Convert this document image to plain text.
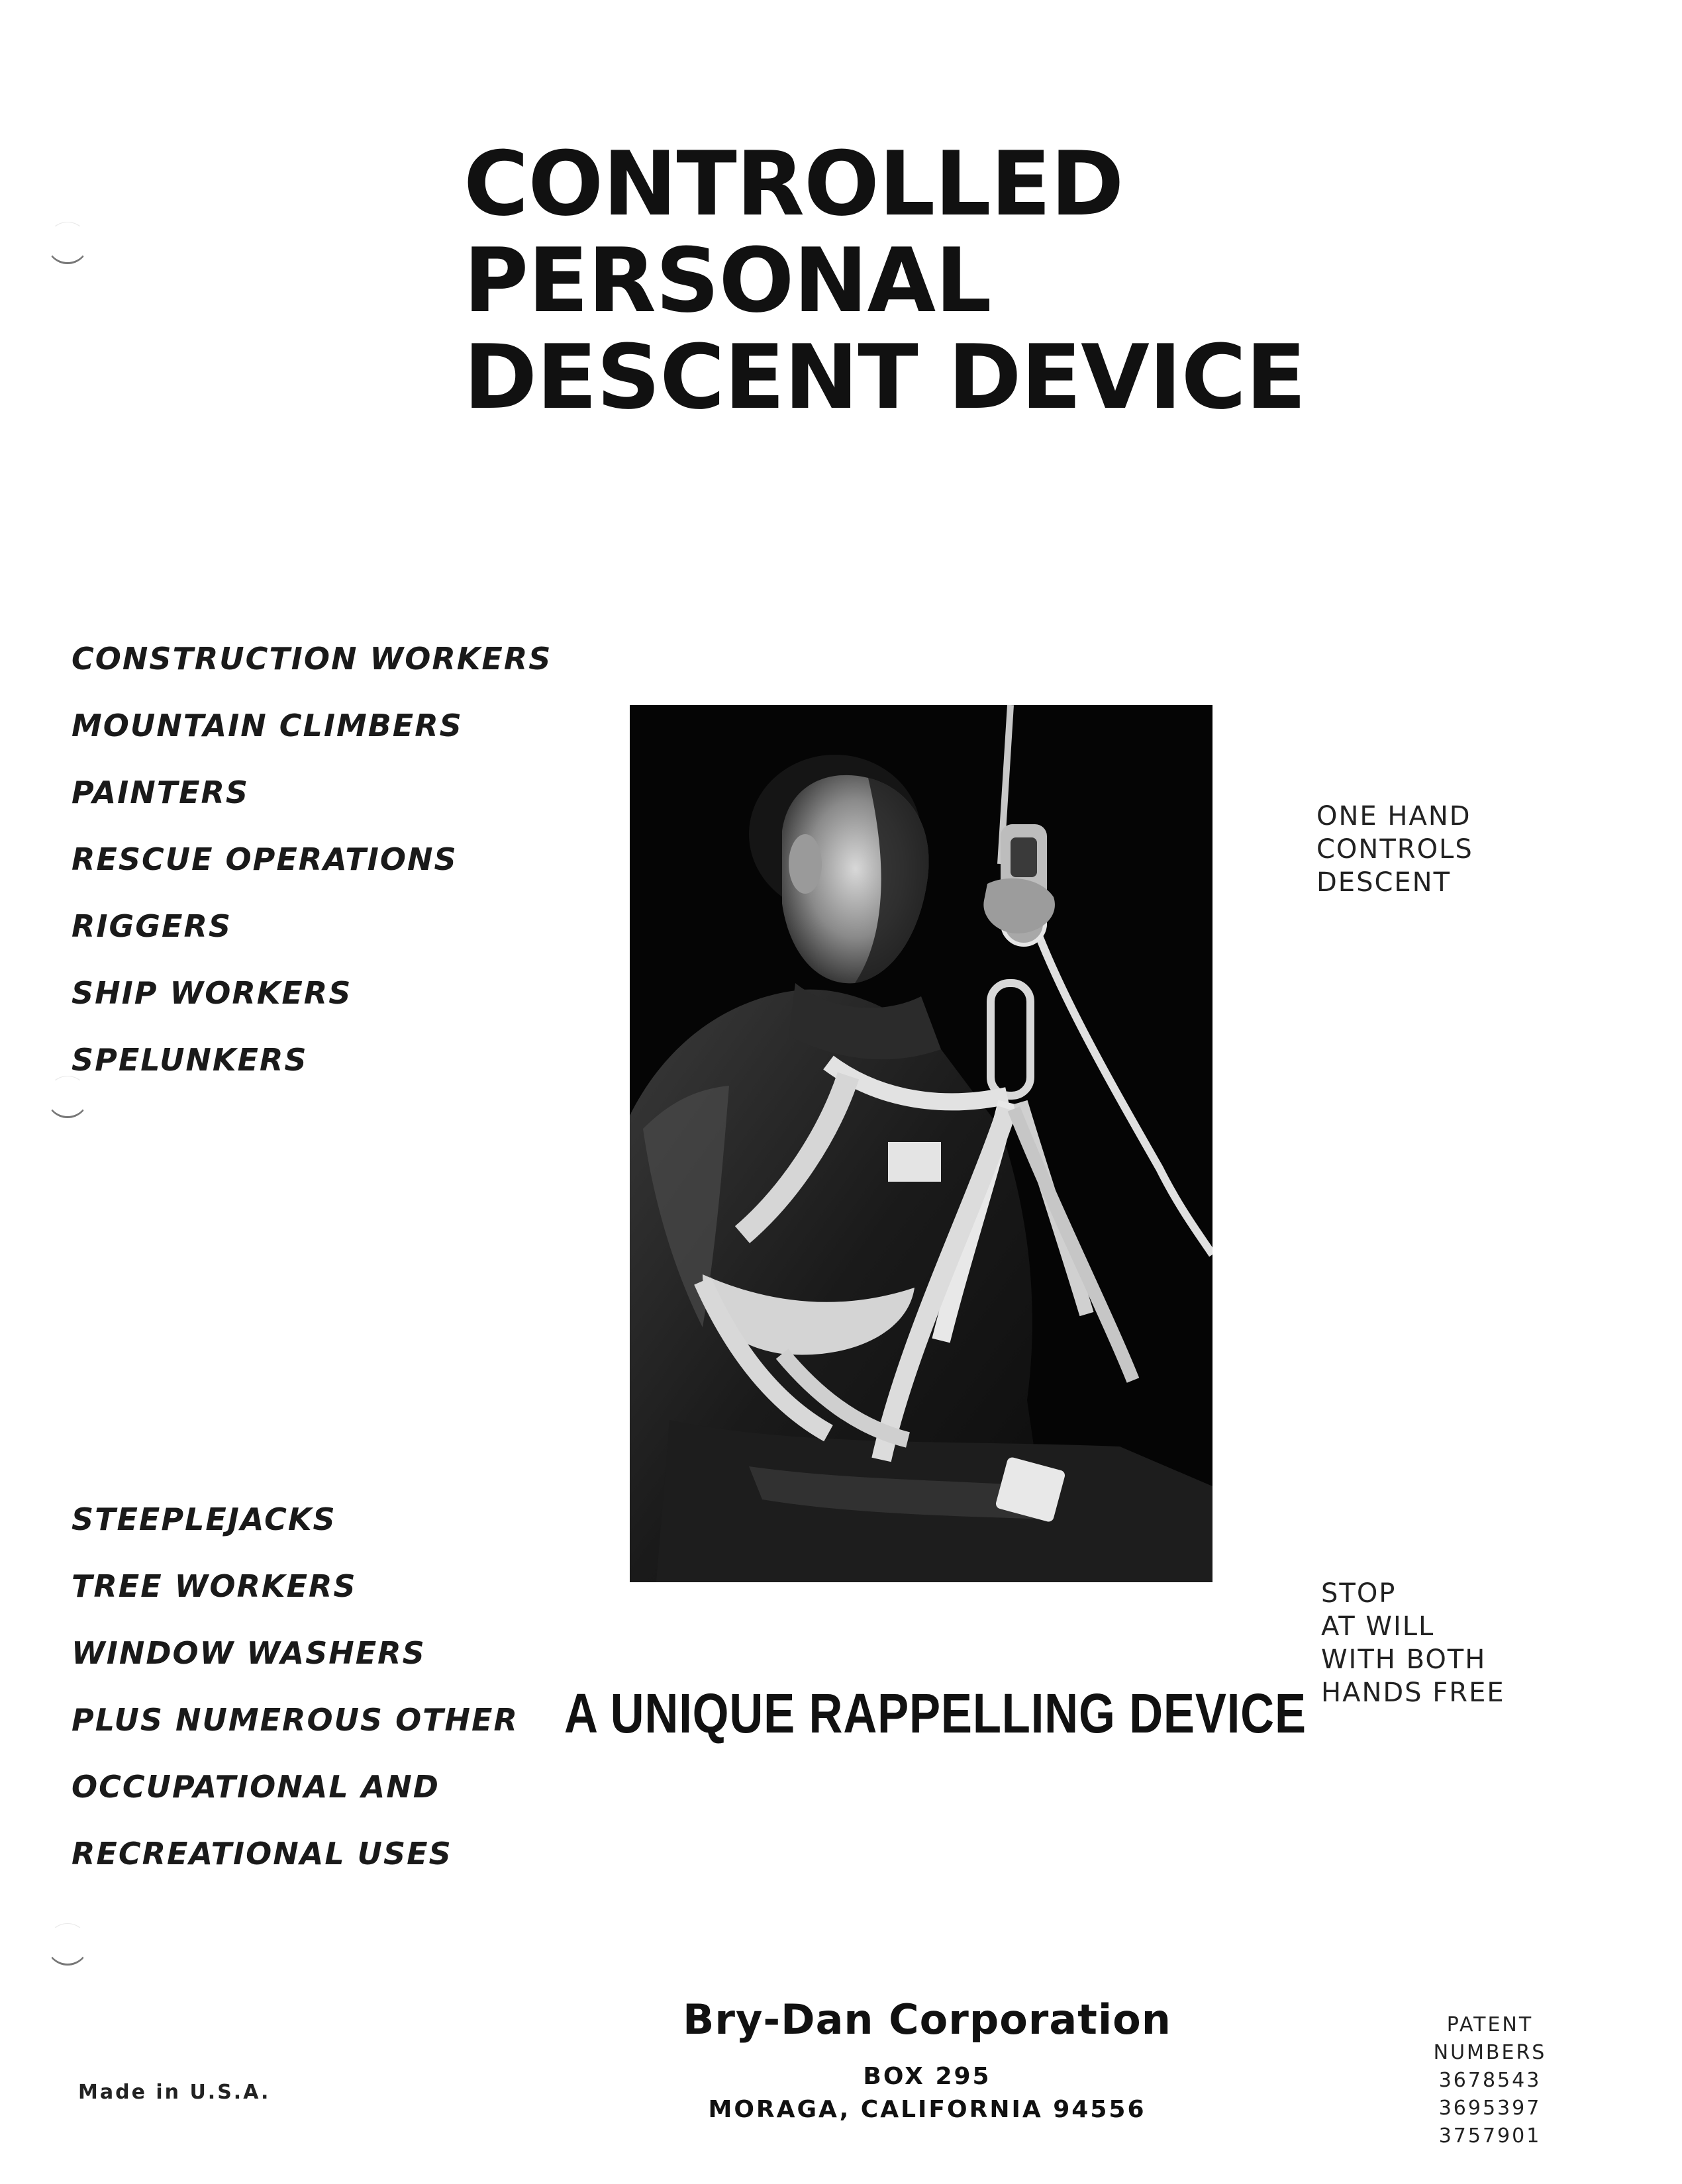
CONTROLLED
PERSONAL
DESCENT DEVICE
CONSTRUCTION WORKERS
MOUNTAIN CLIMBERS
PAINTERS
RESCUE OPERATIONS
RIGGERS
SHIP WORKERS
SPELUNKERS

ONE HAND
CONTROLS
DESCENT

STOP
AT WILL
WITH BOTH
HANDS FREE

STEEPLEJACKS
TREE WORKERS
WINDOW WASHERS
PLUS NUMEROUS OTHER
OCCUPATIONAL AND
RECREATIONAL USES

A UNIQUE RAPPELLING DEVICE

Bry-Dan Corporation
BOX 295
MORAGA, CALIFORNIA 94556
Made in U.S.A.
PATENT NUMBERS
3678543
3695397
3757901
